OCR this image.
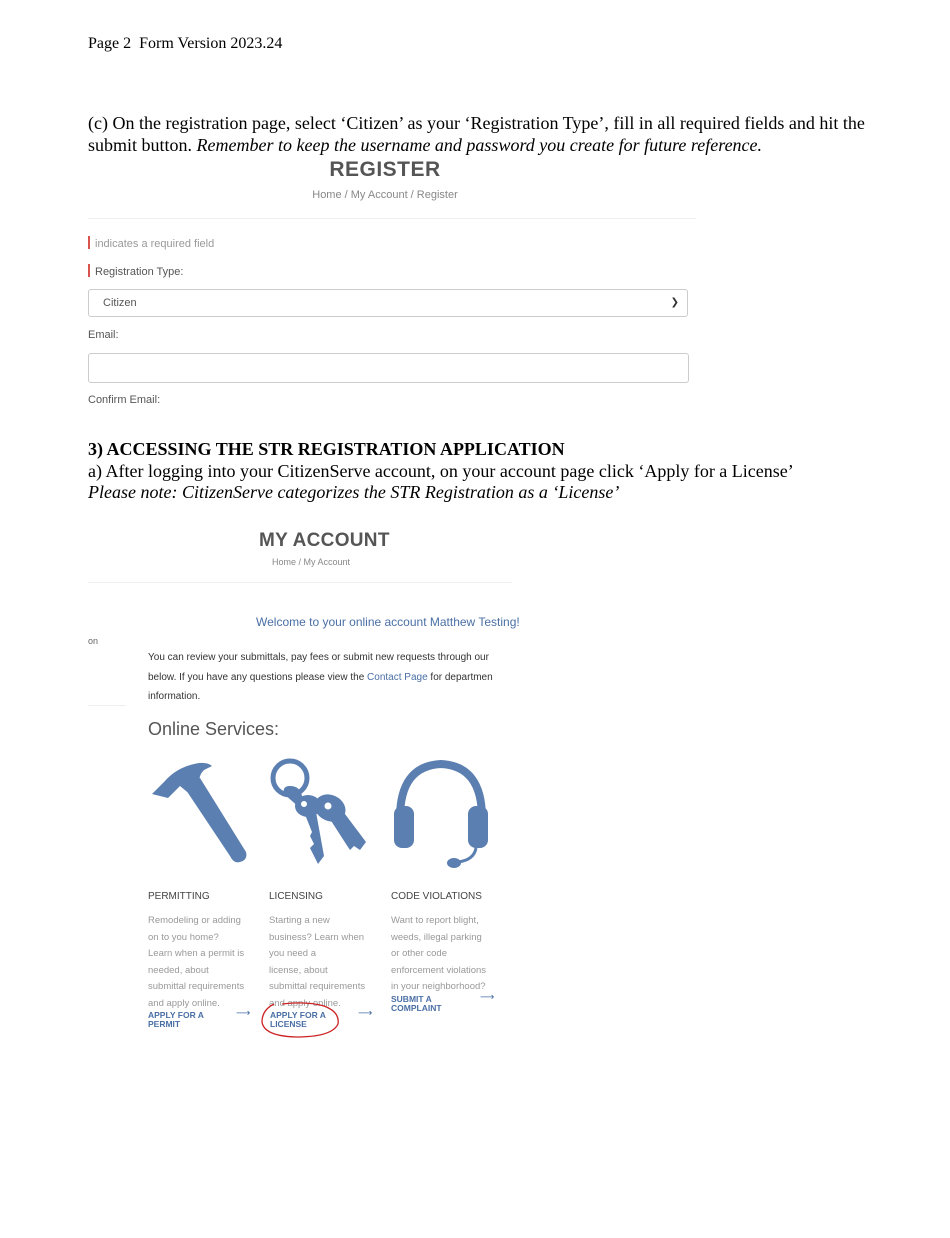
Page 2  Form Version 2023.24
(c) On the registration page, select ‘Citizen’ as your ‘Registration Type’, fill in all required fields and hit the submit button. Remember to keep the username and password you create for future reference.
REGISTER
Home / My Account / Register
indicates a required field
Registration Type:
Citizen	❯
Email:
Confirm Email:
3) ACCESSING THE STR REGISTRATION APPLICATION
a) After logging into your CitizenServe account, on your account page click ‘Apply for a License’
Please note: CitizenServe categorizes the STR Registration as a ‘License’
MY ACCOUNT
Home / My Account
Welcome to your online account Matthew Testing!
on
You can review your submittals, pay fees or submit new requests through our
below. If you have any questions please view the Contact Page for departmen
information.
Online Services:
PERMITTING	LICENSING	CODE VIOLATIONS
Remodeling or adding
on to you home?
Learn when a permit is
needed, about
submittal requirements
and apply online.
Starting a new
business? Learn when
you need a
license, about
submittal requirements
and apply online.
Want to report blight,
weeds, illegal parking
or other code
enforcement violations
in your neighborhood?
APPLY FOR A
PERMIT
⟶ APPLY FOR A
LICENSE
⟶
SUBMIT A
COMPLAINT
⟶
